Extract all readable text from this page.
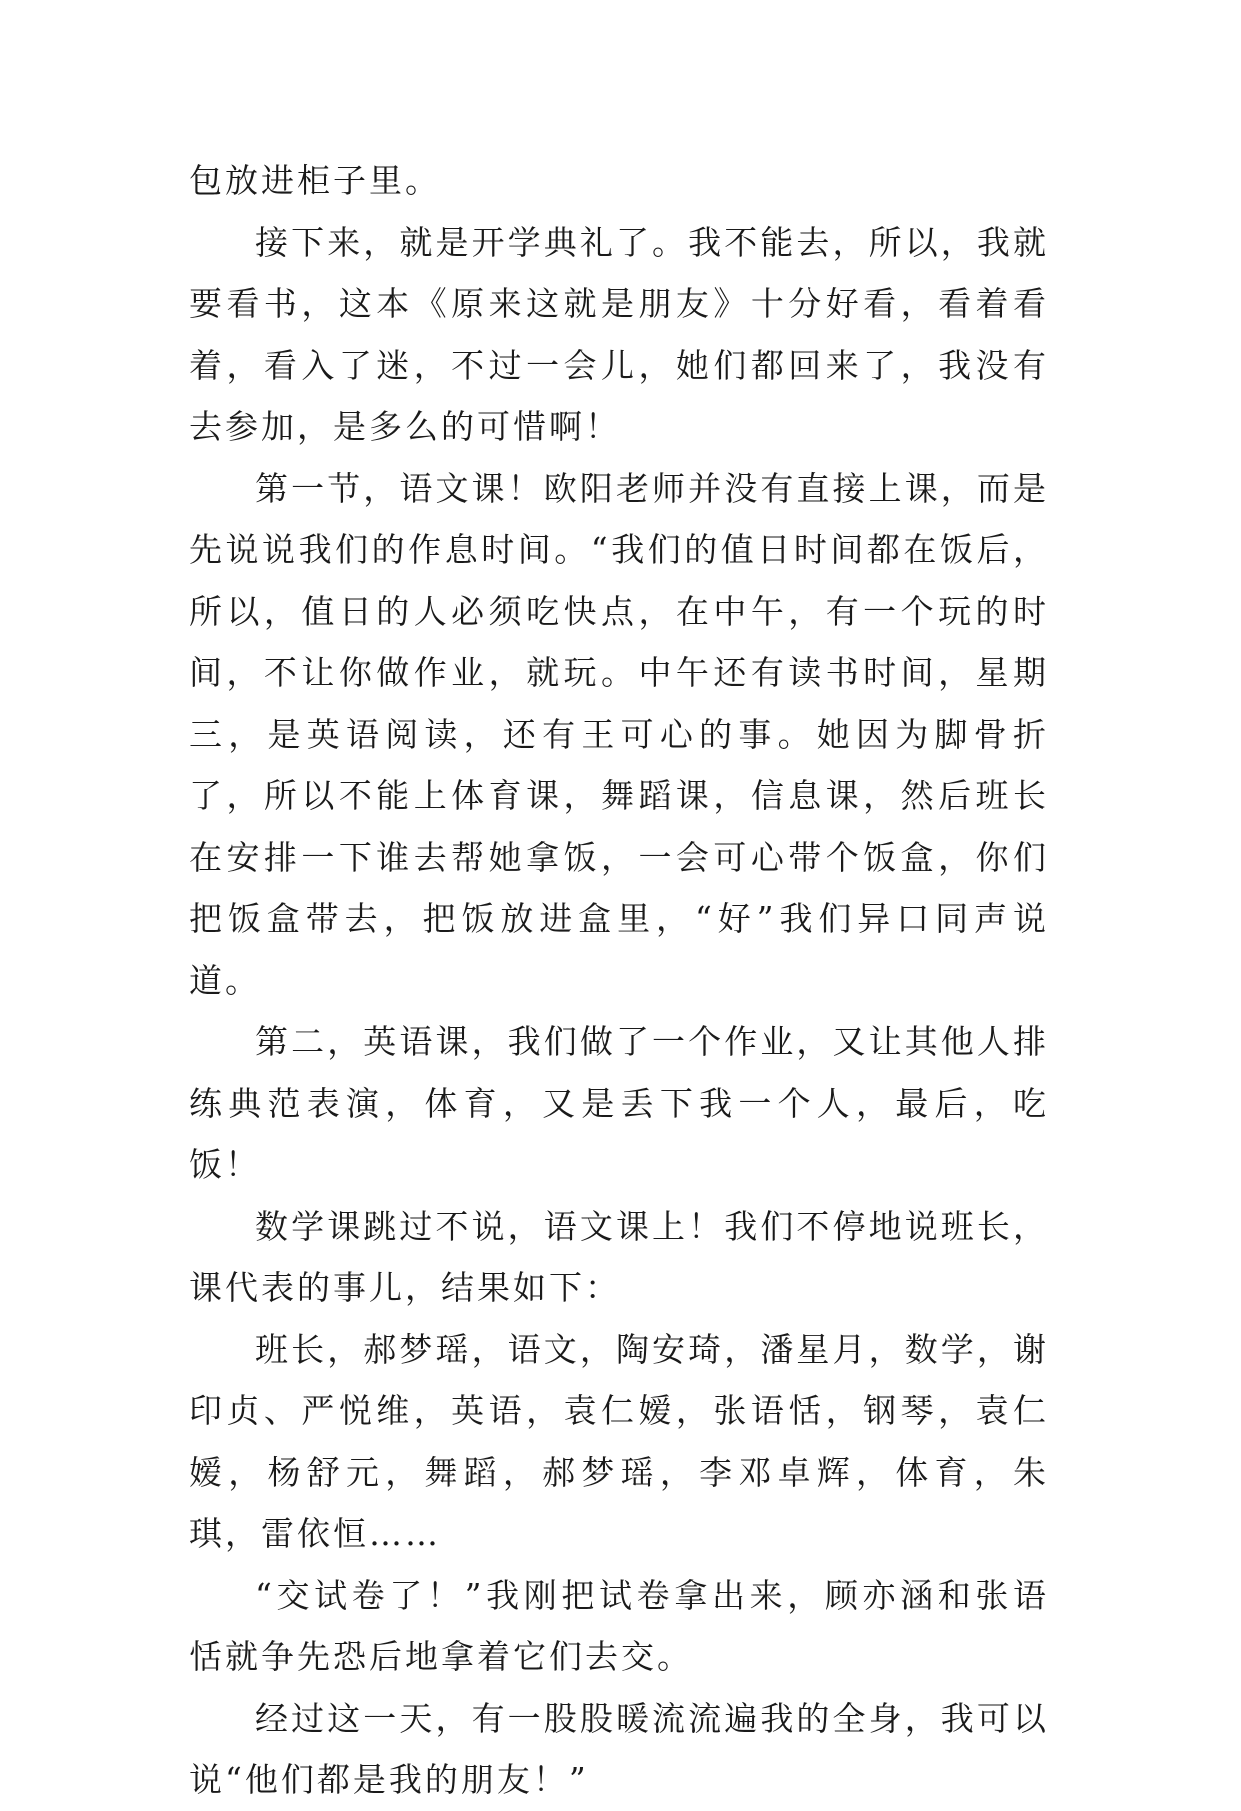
包放进柜子里。

接下来，就是开学典礼了。我不能去，所以，我就要看书，这本《原来这就是朋友》十分好看，看着看着，看入了迷，不过一会儿，她们都回来了，我没有去参加，是多么的可惜啊！

第一节，语文课！欧阳老师并没有直接上课，而是先说说我们的作息时间。“我们的值日时间都在饭后，所以，值日的人必须吃快点，在中午，有一个玩的时间，不让你做作业，就玩。中午还有读书时间，星期三，是英语阅读，还有王可心的事。她因为脚骨折了，所以不能上体育课，舞蹈课，信息课，然后班长在安排一下谁去帮她拿饭，一会可心带个饭盒，你们把饭盒带去，把饭放进盒里，“好”我们异口同声说道。

第二，英语课，我们做了一个作业，又让其他人排练典范表演，体育，又是丢下我一个人，最后，吃饭！

数学课跳过不说，语文课上！我们不停地说班长，课代表的事儿，结果如下：

班长，郝梦瑶，语文，陶安琦，潘星月，数学，谢印贞、严悦维，英语，袁仁嫒，张语恬，钢琴，袁仁嫒，杨舒元，舞蹈，郝梦瑶，李邓卓辉，体育，朱琪，雷依恒……

“交试卷了！”我刚把试卷拿出来，顾亦涵和张语恬就争先恐后地拿着它们去交。

经过这一天，有一股股暖流流遍我的全身，我可以说“他们都是我的朋友！”
